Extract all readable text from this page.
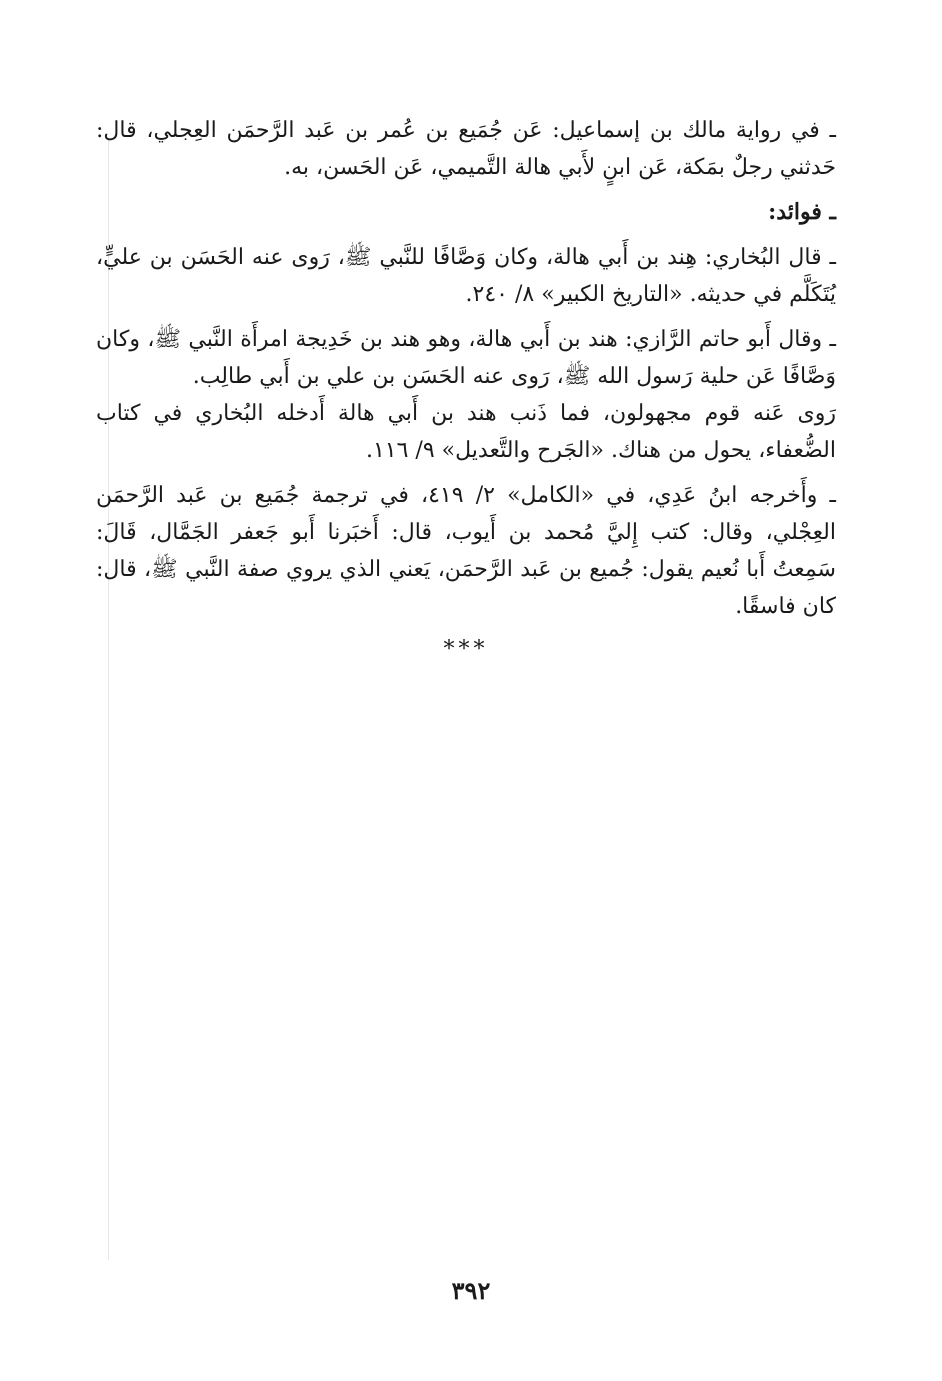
ـ في رواية مالك بن إسماعيل: عَن جُمَيع بن عُمر بن عَبد الرَّحمَن العِجلي، قال: حَدثني رجلٌ بمَكة، عَن ابنٍ لأَبي هالة التَّميمي، عَن الحَسن، به.

ـ فوائد:

ـ قال البُخاري: هِند بن أَبي هالة، وكان وَصَّافًا للنَّبي ﷺ، رَوى عنه الحَسَن بن عليٍّ، يُتَكَلَّم في حديثه. «التاريخ الكبير» ٨/ ٢٤٠.

ـ وقال أَبو حاتم الرَّازي: هند بن أَبي هالة، وهو هند بن خَدِيجة امرأَة النَّبي ﷺ، وكان وَصَّافًا عَن حلية رَسول الله ﷺ، رَوى عنه الحَسَن بن علي بن أَبي طالِب.

رَوى عَنه قوم مجهولون، فما ذَنب هند بن أَبي هالة أَدخله البُخاري في كتاب الضُّعفاء، يحول من هناك. «الجَرح والتَّعديل» ٩/ ١١٦.

ـ وأَخرجه ابنُ عَدِي، في «الكامل» ٢/ ٤١٩، في ترجمة جُمَيع بن عَبد الرَّحمَن العِجْلي، وقال: كتب إِليَّ مُحمد بن أَيوب، قال: أَخبَرنا أَبو جَعفر الجَمَّال، قَالَ: سَمِعتُ أَبا نُعيم يقول: جُميع بن عَبد الرَّحمَن، يَعني الذي يروي صفة النَّبي ﷺ، قال: كان فاسقًا.

***
٣٩٢
